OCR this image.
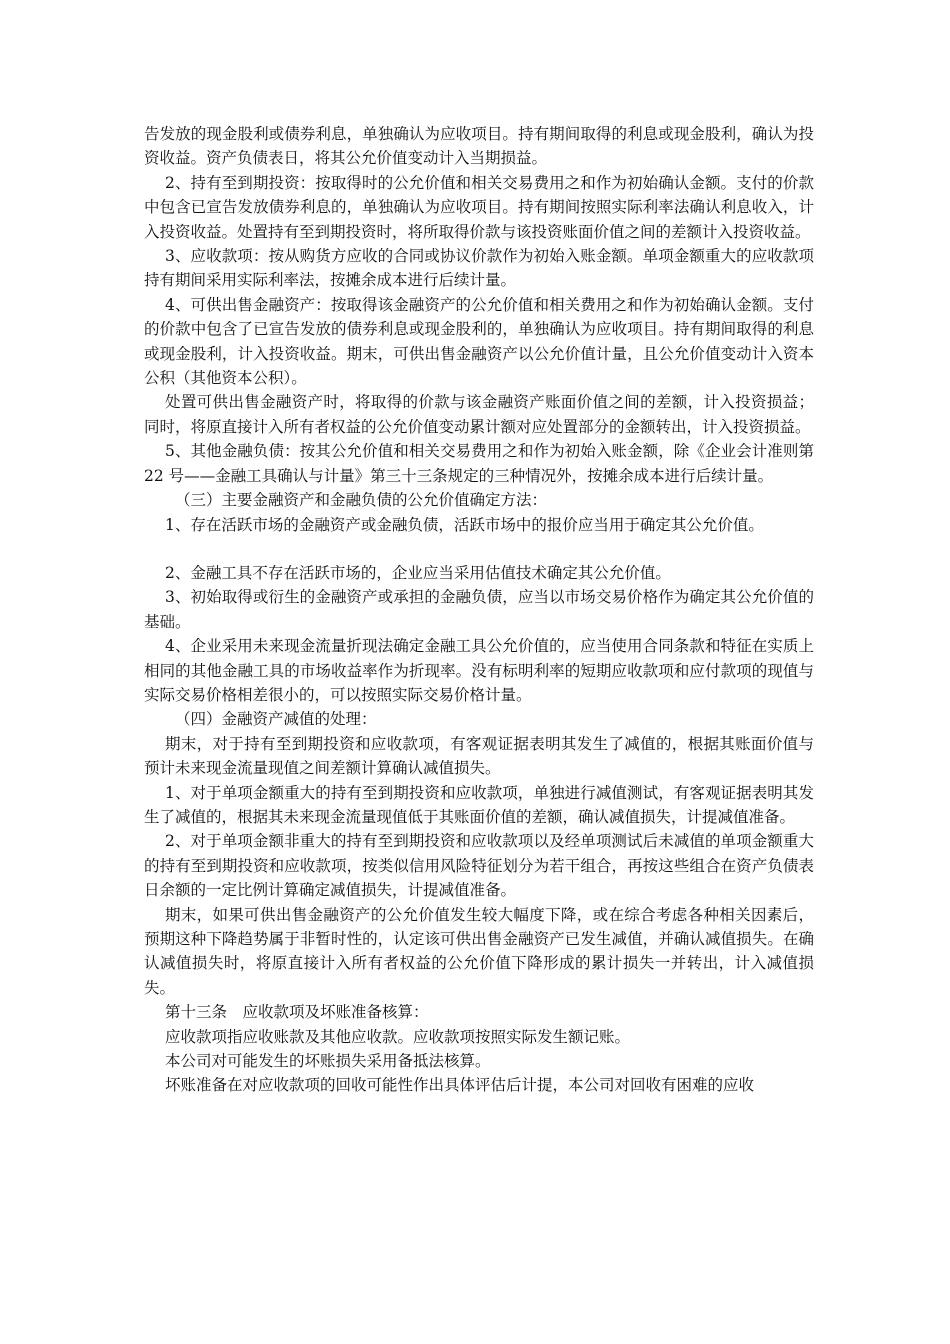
告发放的现金股利或债券利息，单独确认为应收项目。持有期间取得的利息或现金股利，确认为投资收益。资产负债表日，将其公允价值变动计入当期损益。

2、持有至到期投资：按取得时的公允价值和相关交易费用之和作为初始确认金额。支付的价款中包含已宣告发放债券利息的，单独确认为应收项目。持有期间按照实际利率法确认利息收入，计入投资收益。处置持有至到期投资时，将所取得价款与该投资账面价值之间的差额计入投资收益。

3、应收款项：按从购货方应收的合同或协议价款作为初始入账金额。单项金额重大的应收款项持有期间采用实际利率法，按摊余成本进行后续计量。

4、可供出售金融资产：按取得该金融资产的公允价值和相关费用之和作为初始确认金额。支付的价款中包含了已宣告发放的债券利息或现金股利的，单独确认为应收项目。持有期间取得的利息或现金股利，计入投资收益。期末，可供出售金融资产以公允价值计量，且公允价值变动计入资本公积（其他资本公积）。

处置可供出售金融资产时，将取得的价款与该金融资产账面价值之间的差额，计入投资损益；同时，将原直接计入所有者权益的公允价值变动累计额对应处置部分的金额转出，计入投资损益。

5、其他金融负债：按其公允价值和相关交易费用之和作为初始入账金额，除《企业会计准则第 22 号——金融工具确认与计量》第三十三条规定的三种情况外，按摊余成本进行后续计量。

（三）主要金融资产和金融负债的公允价值确定方法：

1、存在活跃市场的金融资产或金融负债，活跃市场中的报价应当用于确定其公允价值。

2、金融工具不存在活跃市场的，企业应当采用估值技术确定其公允价值。

3、初始取得或衍生的金融资产或承担的金融负债，应当以市场交易价格作为确定其公允价值的基础。

4、企业采用未来现金流量折现法确定金融工具公允价值的，应当使用合同条款和特征在实质上相同的其他金融工具的市场收益率作为折现率。没有标明利率的短期应收款项和应付款项的现值与实际交易价格相差很小的，可以按照实际交易价格计量。

（四）金融资产减值的处理：

期末，对于持有至到期投资和应收款项，有客观证据表明其发生了减值的，根据其账面价值与预计未来现金流量现值之间差额计算确认减值损失。

1、对于单项金额重大的持有至到期投资和应收款项，单独进行减值测试，有客观证据表明其发生了减值的，根据其未来现金流量现值低于其账面价值的差额，确认减值损失，计提减值准备。

2、对于单项金额非重大的持有至到期投资和应收款项以及经单项测试后未减值的单项金额重大的持有至到期投资和应收款项，按类似信用风险特征划分为若干组合，再按这些组合在资产负债表日余额的一定比例计算确定减值损失，计提减值准备。

期末，如果可供出售金融资产的公允价值发生较大幅度下降，或在综合考虑各种相关因素后，预期这种下降趋势属于非暂时性的，认定该可供出售金融资产已发生减值，并确认减值损失。在确认减值损失时，将原直接计入所有者权益的公允价值下降形成的累计损失一并转出，计入减值损失。

第十三条　应收款项及坏账准备核算：

应收款项指应收账款及其他应收款。应收款项按照实际发生额记账。

本公司对可能发生的坏账损失采用备抵法核算。

坏账准备在对应收款项的回收可能性作出具体评估后计提，本公司对回收有困难的应收
